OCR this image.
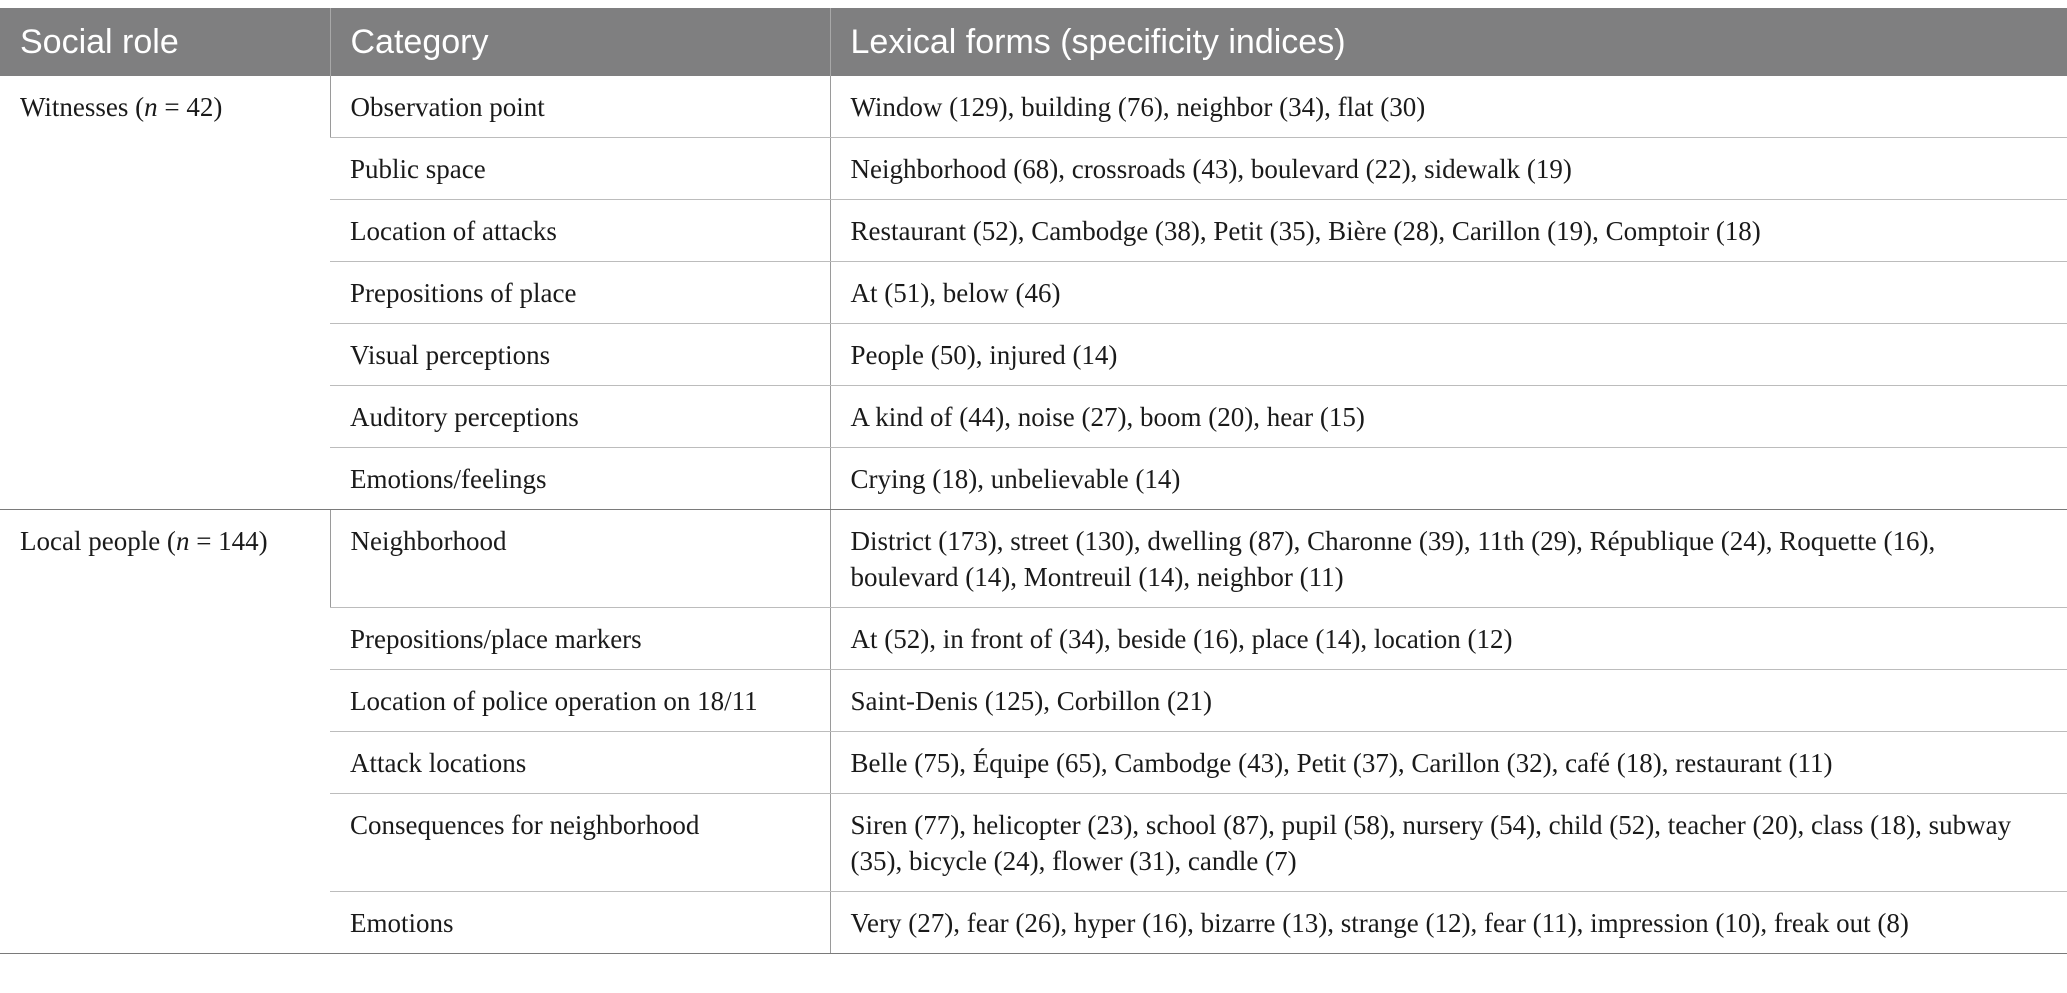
Social role	Category	Lexical forms (specificity indices)
Witnesses (n = 42)	Observation point	Window (129), building (76), neighbor (34), flat (30)
	Public space	Neighborhood (68), crossroads (43), boulevard (22), sidewalk (19)
	Location of attacks	Restaurant (52), Cambodge (38), Petit (35), Bière (28), Carillon (19), Comptoir (18)
	Prepositions of place	At (51), below (46)
	Visual perceptions	People (50), injured (14)
	Auditory perceptions	A kind of (44), noise (27), boom (20), hear (15)
	Emotions/feelings	Crying (18), unbelievable (14)
Local people (n = 144)	Neighborhood	District (173), street (130), dwelling (87), Charonne (39), 11th (29), République (24), Roquette (16), boulevard (14), Montreuil (14), neighbor (11)
	Prepositions/place markers	At (52), in front of (34), beside (16), place (14), location (12)
	Location of police operation on 18/11	Saint-Denis (125), Corbillon (21)
	Attack locations	Belle (75), Équipe (65), Cambodge (43), Petit (37), Carillon (32), café (18), restaurant (11)
	Consequences for neighborhood	Siren (77), helicopter (23), school (87), pupil (58), nursery (54), child (52), teacher (20), class (18), subway (35), bicycle (24), flower (31), candle (7)
	Emotions	Very (27), fear (26), hyper (16), bizarre (13), strange (12), fear (11), impression (10), freak out (8)
